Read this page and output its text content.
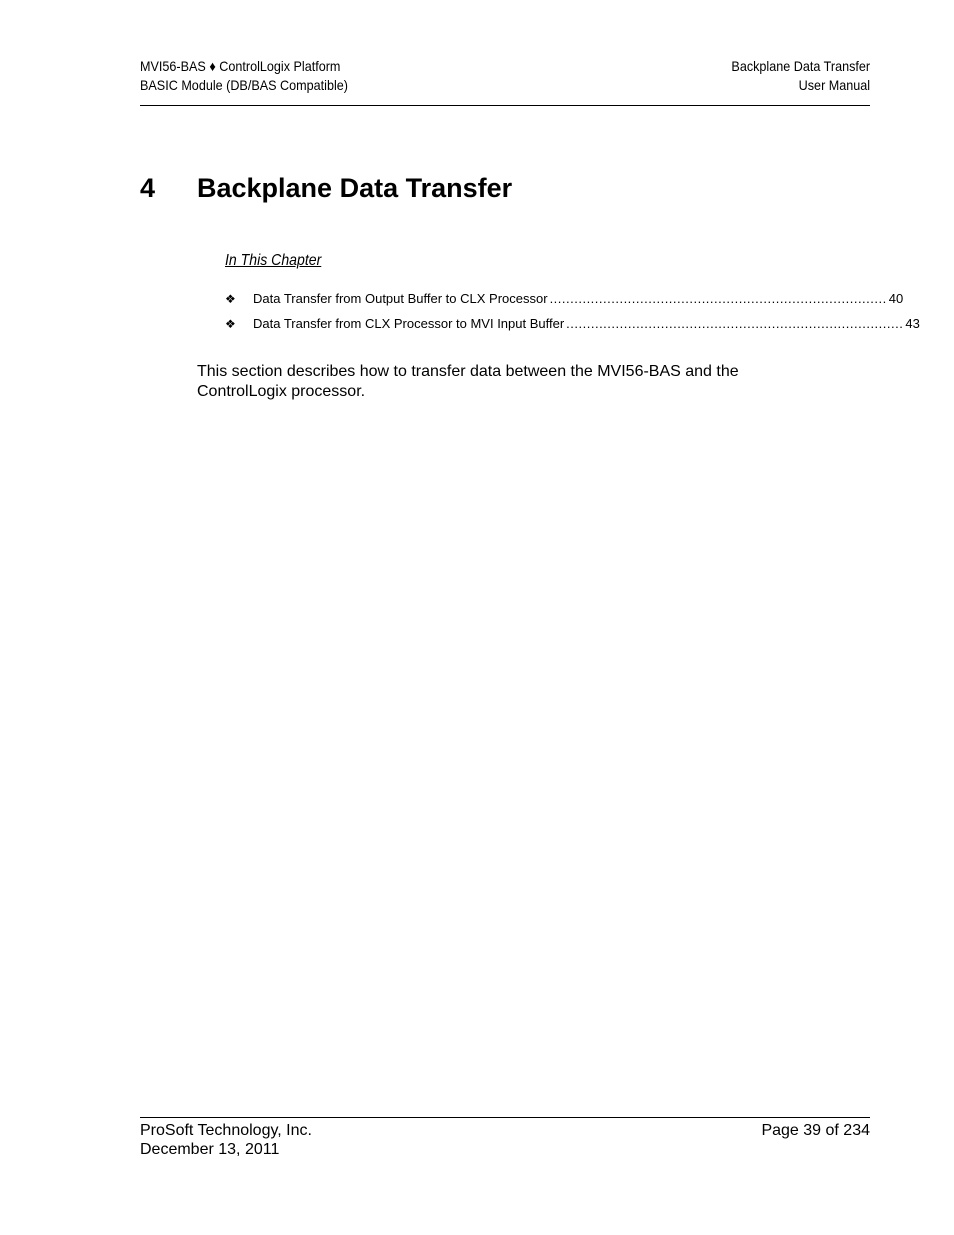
MVI56-BAS ♦ ControlLogix Platform
BASIC Module (DB/BAS Compatible)
Backplane Data Transfer
User Manual
4 Backplane Data Transfer
In This Chapter
❖	Data Transfer from Output Buffer to CLX Processor .................................................................................. 40
❖	Data Transfer from CLX Processor to MVI Input Buffer .................................................................................. 43

This section describes how to transfer data between the MVI56-BAS and the ControlLogix processor.

ProSoft Technology, Inc.
December 13, 2011
Page 39 of 234
